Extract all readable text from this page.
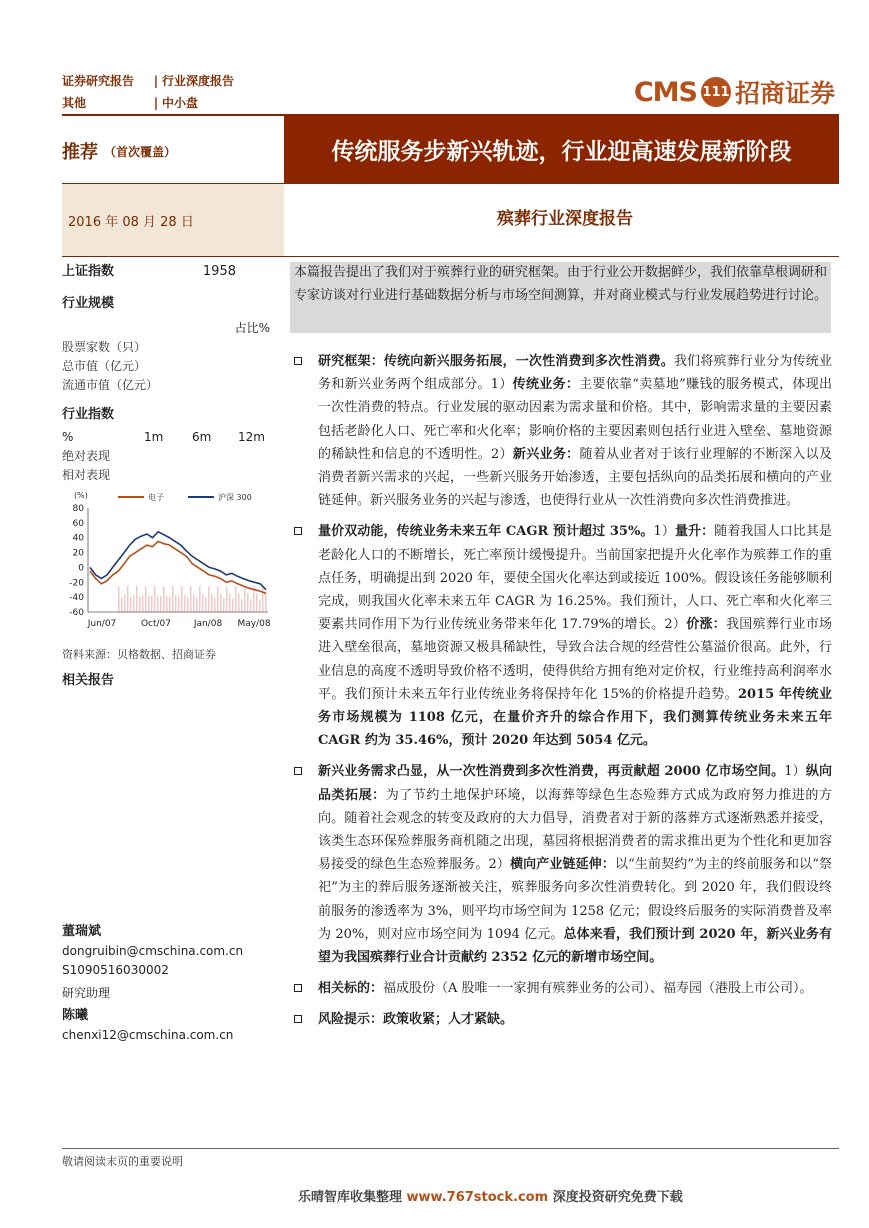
证券研究报告	| 行业深度报告
其他	| 中小盘	CMS 111 招商证券
推荐 （首次覆盖）	传统服务步新兴轨迹，行业迎高速发展新阶段
2016 年 08 月 28 日	殡葬行业深度报告
上证指数	1958
行业规模
占比%
股票家数（只）
总市值（亿元）
流通市值（亿元）
行业指数
%	1m	6m	12m
绝对表现
相对表现
(%)
80
60
40
20
0
-20
-40
-60
Jun/07	Oct/07	Jan/08 May/08
电子	沪深 300
资料来源：贝格数据、招商证券
相关报告
董瑞斌
dongruibin@cmschina.com.cn
S1090516030002
研究助理
陈曦
chenxi12@cmschina.com.cn
本篇报告提出了我们对于殡葬行业的研究框架。由于行业公开数据鲜少，我们依靠草根调研和专家访谈对行业进行基础数据分析与市场空间测算，并对商业模式与行业发展趋势进行讨论。
研究框架：传统向新兴服务拓展，一次性消费到多次性消费。我们将殡葬行业分为传统业务和新兴业务两个组成部分。1）传统业务：主要依靠“卖墓地”赚钱的服务模式，体现出一次性消费的特点。行业发展的驱动因素为需求量和价格。其中，影响需求量的主要因素包括老龄化人口、死亡率和火化率；影响价格的主要因素则包括行业进入壁垒、墓地资源的稀缺性和信息的不透明性。2）新兴业务：随着从业者对于该行业理解的不断深入以及消费者新兴需求的兴起，一些新兴服务开始渗透，主要包括纵向的品类拓展和横向的产业链延伸。新兴服务业务的兴起与渗透，也使得行业从一次性消费向多次性消费推进。
量价双动能，传统业务未来五年 CAGR 预计超过 35%。1）量升：随着我国人口比其是老龄化人口的不断增长，死亡率预计缓慢提升。当前国家把提升火化率作为殡葬工作的重点任务，明确提出到 2020 年，要使全国火化率达到或接近 100%。假设该任务能够顺利完成，则我国火化率未来五年 CAGR 为 16.25%。我们预计，人口、死亡率和火化率三要素共同作用下为行业传统业务带来年化 17.79%的增长。2）价涨：我国殡葬行业市场进入壁垒很高，墓地资源又极具稀缺性，导致合法合规的经营性公墓溢价很高。此外，行业信息的高度不透明导致价格不透明，使得供给方拥有绝对定价权，行业维持高利润率水平。我们预计未来五年行业传统业务将保持年化 15%的价格提升趋势。2015 年传统业务市场规模为 1108 亿元，在量价齐升的综合作用下，我们测算传统业务未来五年 CAGR 约为 35.46%，预计 2020 年达到 5054 亿元。
新兴业务需求凸显，从一次性消费到多次性消费，再贡献超 2000 亿市场空间。1）纵向品类拓展：为了节约土地保护环境，以海葬等绿色生态殓葬方式成为政府努力推进的方向。随着社会观念的转变及政府的大力倡导，消费者对于新的落葬方式逐渐熟悉并接受，该类生态环保殓葬服务商机随之出现，墓园将根据消费者的需求推出更为个性化和更加容易接受的绿色生态殓葬服务。2）横向产业链延伸：以“生前契约”为主的终前服务和以“祭祀”为主的葬后服务逐渐被关注，殡葬服务向多次性消费转化。到 2020 年，我们假设终前服务的渗透率为 3%，则平均市场空间为 1258 亿元；假设终后服务的实际消费普及率为 20%，则对应市场空间为 1094 亿元。总体来看，我们预计到 2020 年，新兴业务有望为我国殡葬行业合计贡献约 2352 亿元的新增市场空间。
相关标的：福成股份（A 股唯一一家拥有殡葬业务的公司）、福寿园（港股上市公司）。
风险提示：政策收紧；人才紧缺。
敬请阅读末页的重要说明
乐晴智库收集整理 www.767stock.com 深度投资研究免费下载
